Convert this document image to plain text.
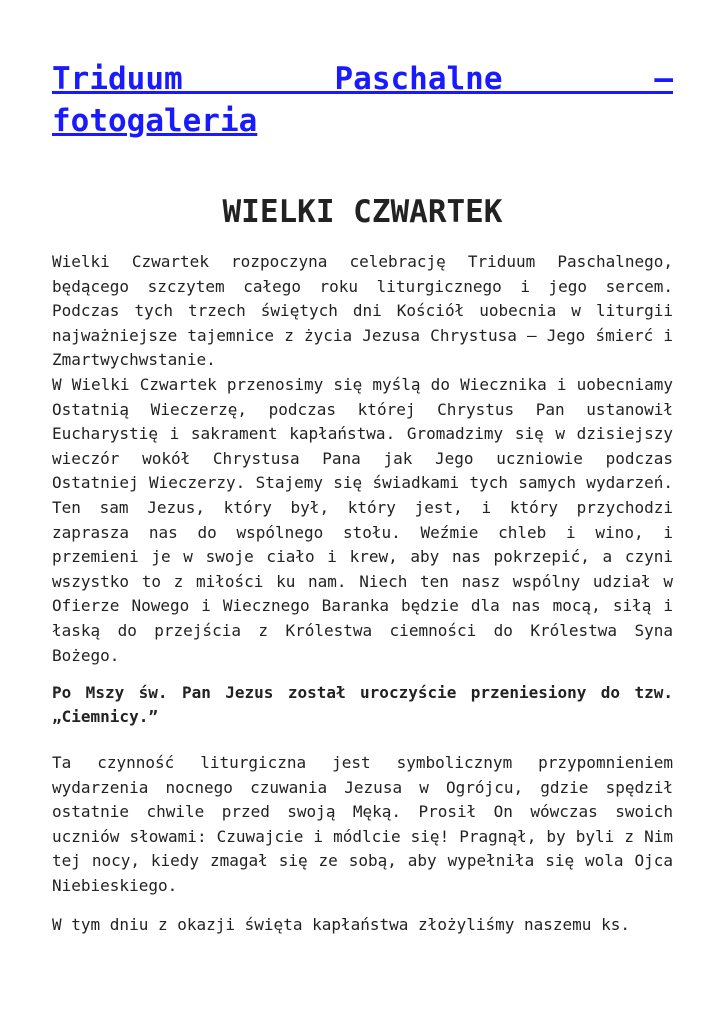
Triduum Paschalne –
fotogaleria
WIELKI CZWARTEK

Wielki Czwartek rozpoczyna celebrację Triduum Paschalnego, będącego szczytem całego roku liturgicznego i jego sercem. Podczas tych trzech świętych dni Kościół uobecnia w liturgii najważniejsze tajemnice z życia Jezusa Chrystusa – Jego śmierć i Zmartwychwstanie.

W Wielki Czwartek przenosimy się myślą do Wiecznika i uobecniamy Ostatnią Wieczerzę, podczas której Chrystus Pan ustanowił Eucharystię i sakrament kapłaństwa. Gromadzimy się w dzisiejszy wieczór wokół Chrystusa Pana jak Jego uczniowie podczas Ostatniej Wieczerzy. Stajemy się świadkami tych samych wydarzeń. Ten sam Jezus, który był, który jest, i który przychodzi zaprasza nas do wspólnego stołu. Weźmie chleb i wino, i przemieni je w swoje ciało i krew, aby nas pokrzepić, a czyni wszystko to z miłości ku nam. Niech ten nasz wspólny udział w Ofierze Nowego i Wiecznego Baranka będzie dla nas mocą, siłą i łaską do przejścia z Królestwa ciemności do Królestwa Syna Bożego.

Po Mszy św. Pan Jezus został uroczyście przeniesiony do tzw. „Ciemnicy.”

Ta czynność liturgiczna jest symbolicznym przypomnieniem wydarzenia nocnego czuwania Jezusa w Ogrójcu, gdzie spędził ostatnie chwile przed swoją Męką. Prosił On wówczas swoich uczniów słowami: Czuwajcie i módlcie się! Pragnął, by byli z Nim tej nocy, kiedy zmagał się ze sobą, aby wypełniła się wola Ojca Niebieskiego.

W tym dniu z okazji święta kapłaństwa złożyliśmy naszemu ks.
